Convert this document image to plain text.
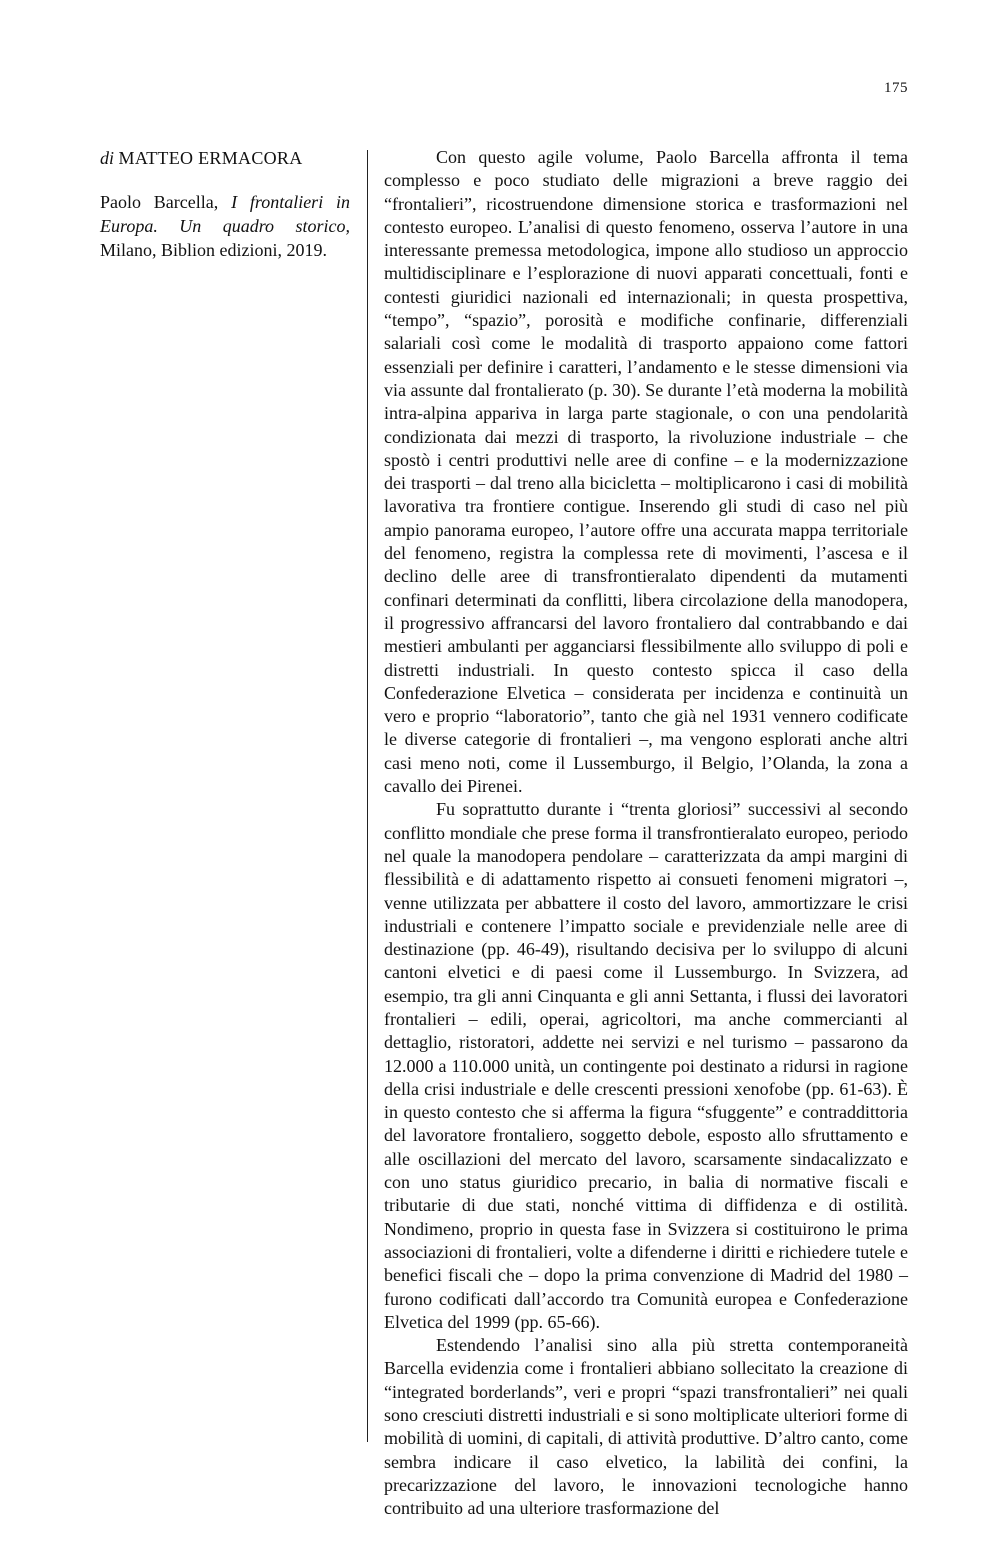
175

di MATTEO ERMACORA

Paolo Barcella, I frontalieri in Europa. Un quadro storico, Milano, Biblion edizioni, 2019.

Con questo agile volume, Paolo Barcella affronta il tema complesso e poco studiato delle migrazioni a breve raggio dei “frontalieri”, ricostruendone dimensione storica e trasformazioni nel contesto europeo. L’analisi di questo fenomeno, osserva l’autore in una interessante premessa metodologica, impone allo studioso un approccio multidisciplinare e l’esplorazione di nuovi apparati concettuali, fonti e contesti giuridici nazionali ed internazionali; in questa prospettiva, “tempo”, “spazio”, porosità e modifiche confinarie, differenziali salariali così come le modalità di trasporto appaiono come fattori essenziali per definire i caratteri, l’andamento e le stesse dimensioni via via assunte dal frontalierato (p. 30). Se durante l’età moderna la mobilità intra-alpina appariva in larga parte stagionale, o con una pendolarità condizionata dai mezzi di trasporto, la rivoluzione industriale – che spostò i centri produttivi nelle aree di confine – e la modernizzazione dei trasporti – dal treno alla bicicletta – moltiplicarono i casi di mobilità lavorativa tra frontiere contigue. Inserendo gli studi di caso nel più ampio panorama europeo, l’autore offre una accurata mappa territoriale del fenomeno, registra la complessa rete di movimenti, l’ascesa e il declino delle aree di transfrontieralato dipendenti da mutamenti confinari determinati da conflitti, libera circolazione della manodopera, il progressivo affrancarsi del lavoro frontaliero dal contrabbando e dai mestieri ambulanti per agganciarsi flessibilmente allo sviluppo di poli e distretti industriali. In questo contesto spicca il caso della Confederazione Elvetica – considerata per incidenza e continuità un vero e proprio “laboratorio”, tanto che già nel 1931 vennero codificate le diverse categorie di frontalieri –, ma vengono esplorati anche altri casi meno noti, come il Lussemburgo, il Belgio, l’Olanda, la zona a cavallo dei Pirenei.

Fu soprattutto durante i “trenta gloriosi” successivi al secondo conflitto mondiale che prese forma il transfrontieralato europeo, periodo nel quale la manodopera pendolare – caratterizzata da ampi margini di flessibilità e di adattamento rispetto ai consueti fenomeni migratori –, venne utilizzata per abbattere il costo del lavoro, ammortizzare le crisi industriali e contenere l’impatto sociale e previdenziale nelle aree di destinazione (pp. 46-49), risultando decisiva per lo sviluppo di alcuni cantoni elvetici e di paesi come il Lussemburgo. In Svizzera, ad esempio, tra gli anni Cinquanta e gli anni Settanta, i flussi dei lavoratori frontalieri – edili, operai, agricoltori, ma anche commercianti al dettaglio, ristoratori, addette nei servizi e nel turismo – passarono da 12.000 a 110.000 unità, un contingente poi destinato a ridursi in ragione della crisi industriale e delle crescenti pressioni xenofobe (pp. 61-63). È in questo contesto che si afferma la figura “sfuggente” e contraddittoria del lavoratore frontaliero, soggetto debole, esposto allo sfruttamento e alle oscillazioni del mercato del lavoro, scarsamente sindacalizzato e con uno status giuridico precario, in balia di normative fiscali e tributarie di due stati, nonché vittima di diffidenza e di ostilità. Nondimeno, proprio in questa fase in Svizzera si costituirono le prima associazioni di frontalieri, volte a difenderne i diritti e richiedere tutele e benefici fiscali che – dopo la prima convenzione di Madrid del 1980 – furono codificati dall’accordo tra Comunità europea e Confederazione Elvetica del 1999 (pp. 65-66).

Estendendo l’analisi sino alla più stretta contemporaneità Barcella evidenzia come i frontalieri abbiano sollecitato la creazione di “integrated borderlands”, veri e propri “spazi transfrontalieri” nei quali sono cresciuti distretti industriali e si sono moltiplicate ulteriori forme di mobilità di uomini, di capitali, di attività produttive. D’altro canto, come sembra indicare il caso elvetico, la labilità dei confini, la precarizzazione del lavoro, le innovazioni tecnologiche hanno contribuito ad una ulteriore trasformazione del
